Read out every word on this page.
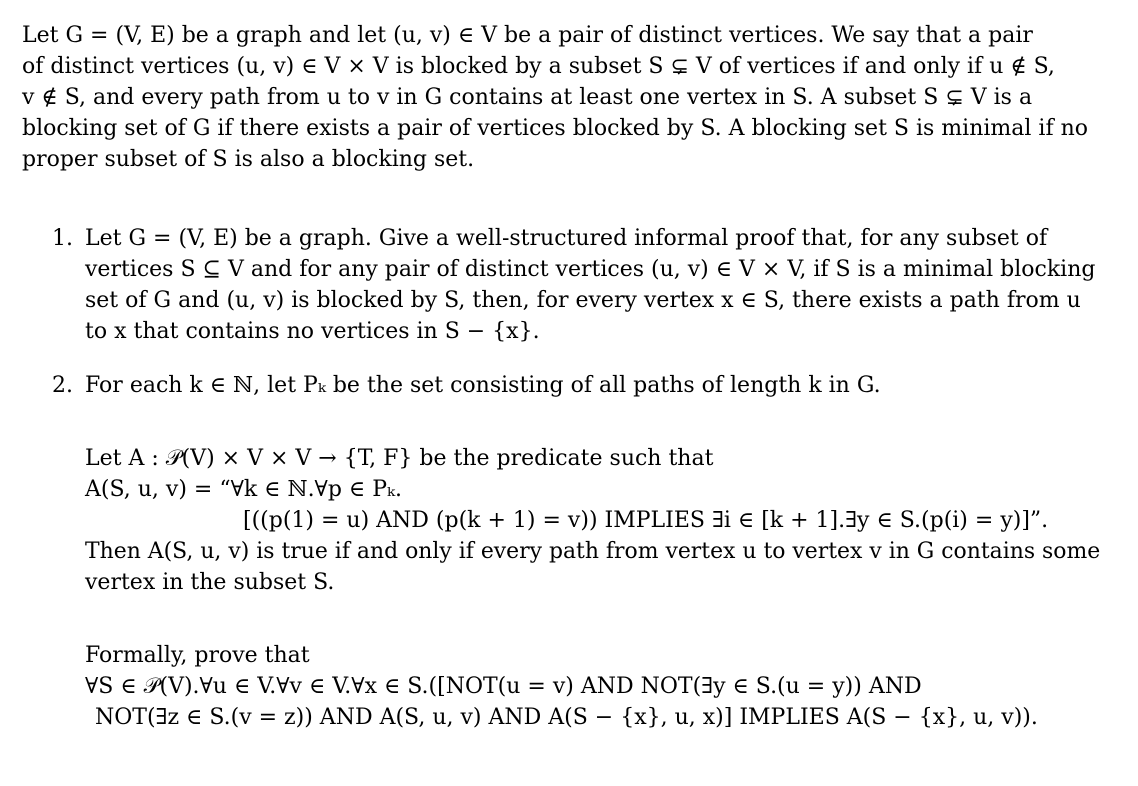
Let G = (V, E) be a graph and let (u, v) ∈ V be a pair of distinct vertices. We say that a pair
of distinct vertices (u, v) ∈ V × V is blocked by a subset S ⊊ V of vertices if and only if u ∉ S,
v ∉ S, and every path from u to v in G contains at least one vertex in S. A subset S ⊊ V is a
blocking set of G if there exists a pair of vertices blocked by S. A blocking set S is minimal if no
proper subset of S is also a blocking set.
1. Let G = (V, E) be a graph. Give a well-structured informal proof that, for any subset of
vertices S ⊆ V and for any pair of distinct vertices (u, v) ∈ V × V, if S is a minimal blocking
set of G and (u, v) is blocked by S, then, for every vertex x ∈ S, there exists a path from u
to x that contains no vertices in S − {x}.
2. For each k ∈ ℕ, let Pₖ be the set consisting of all paths of length k in G.
Let A : 𝒫(V) × V × V → {T, F} be the predicate such that
A(S, u, v) = “∀k ∈ ℕ.∀p ∈ Pₖ.
[((p(1) = u) AND (p(k + 1) = v)) IMPLIES ∃i ∈ [k + 1].∃y ∈ S.(p(i) = y)]”.
Then A(S, u, v) is true if and only if every path from vertex u to vertex v in G contains some
vertex in the subset S.
Formally, prove that
∀S ∈ 𝒫(V).∀u ∈ V.∀v ∈ V.∀x ∈ S.([NOT(u = v) AND NOT(∃y ∈ S.(u = y)) AND
NOT(∃z ∈ S.(v = z)) AND A(S, u, v) AND A(S − {x}, u, x)] IMPLIES A(S − {x}, u, v)).
